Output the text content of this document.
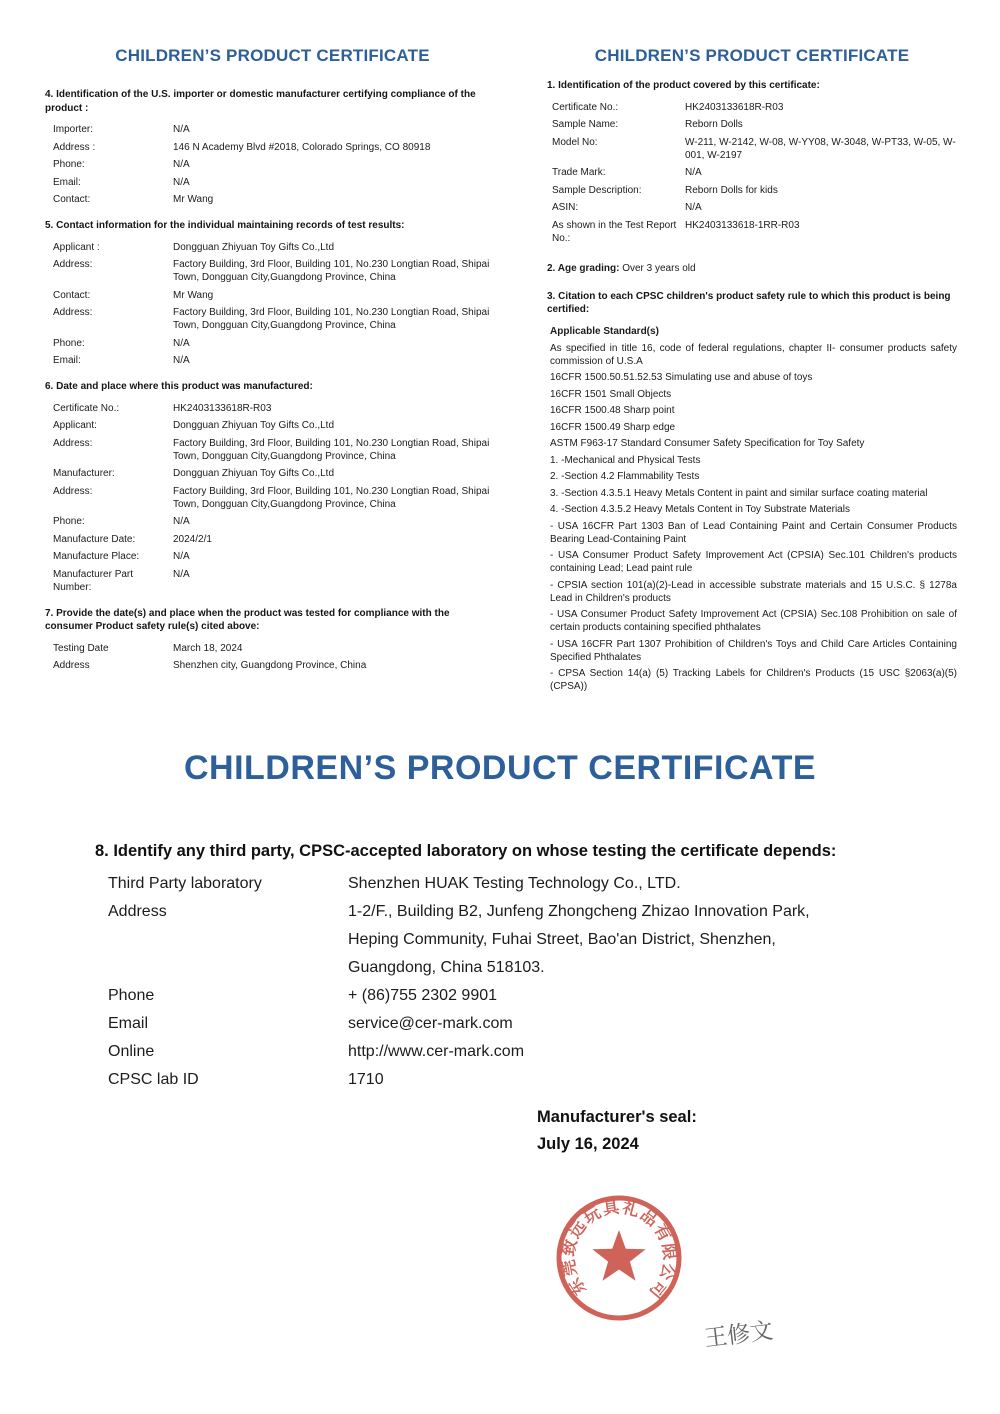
CHILDREN’S PRODUCT CERTIFICATE
4. Identification of the U.S. importer or domestic manufacturer certifying compliance of the product :
Importer:	N/A
Address :	146 N Academy Blvd #2018, Colorado Springs, CO 80918
Phone:	N/A
Email:	N/A
Contact:	Mr Wang
5. Contact information for the individual maintaining records of test results:
Applicant :	Dongguan Zhiyuan Toy Gifts Co.,Ltd
Address:	Factory Building, 3rd Floor, Building 101, No.230 Longtian Road, Shipai Town, Dongguan City,Guangdong Province, China
Contact:	Mr Wang
Address:	Factory Building, 3rd Floor, Building 101, No.230 Longtian Road, Shipai Town, Dongguan City,Guangdong Province, China
Phone:	N/A
Email:	N/A
6. Date and place where this product was manufactured:
Certificate No.:	HK2403133618R-R03
Applicant:	Dongguan Zhiyuan Toy Gifts Co.,Ltd
Address:	Factory Building, 3rd Floor, Building 101, No.230 Longtian Road, Shipai Town, Dongguan City,Guangdong Province, China
Manufacturer:	Dongguan Zhiyuan Toy Gifts Co.,Ltd
Address:	Factory Building, 3rd Floor, Building 101, No.230 Longtian Road, Shipai Town, Dongguan City,Guangdong Province, China
Phone:	N/A
Manufacture Date:	2024/2/1
Manufacture Place:	N/A
Manufacturer Part Number:
N/A
7. Provide the date(s) and place when the product was tested for compliance with the consumer Product safety rule(s) cited above:
Testing Date	March 18, 2024
Address	Shenzhen city, Guangdong Province, China
CHILDREN’S PRODUCT CERTIFICATE
1. Identification of the product covered by this certificate:
Certificate No.:	HK2403133618R-R03
Sample Name:	Reborn Dolls
Model No:	W-211, W-2142, W-08, W-YY08, W-3048, W-PT33, W-05, W-001, W-2197
Trade Mark:	N/A
Sample Description:	Reborn Dolls for kids
ASIN:	N/A
As shown in the Test Report No.:
HK2403133618-1RR-R03
2. Age grading: Over 3 years old
3. Citation to each CPSC children's product safety rule to which this product is being certified:
Applicable Standard(s)

As specified in title 16, code of federal regulations, chapter II- consumer products safety commission of U.S.A

16CFR 1500.50.51.52.53 Simulating use and abuse of toys

16CFR 1501 Small Objects

16CFR 1500.48 Sharp point

16CFR 1500.49 Sharp edge

ASTM F963-17 Standard Consumer Safety Specification for Toy Safety

1. -Mechanical and Physical Tests

2. -Section 4.2 Flammability Tests

3. -Section 4.3.5.1 Heavy Metals Content in paint and similar surface coating material

4. -Section 4.3.5.2 Heavy Metals Content in Toy Substrate Materials

- USA 16CFR Part 1303 Ban of Lead Containing Paint and Certain Consumer Products Bearing Lead-Containing Paint

- USA Consumer Product Safety Improvement Act (CPSIA) Sec.101 Children's products containing Lead; Lead paint rule

- CPSIA section 101(a)(2)-Lead in accessible substrate materials and 15 U.S.C. § 1278a Lead in Children's products

- USA Consumer Product Safety Improvement Act (CPSIA) Sec.108 Prohibition on sale of certain products containing specified phthalates

- USA 16CFR Part 1307 Prohibition of Children's Toys and Child Care Articles Containing Specified Phthalates

- CPSA Section 14(a) (5) Tracking Labels for Children's Products (15 USC §2063(a)(5) (CPSA))

CHILDREN’S PRODUCT CERTIFICATE
8. Identify any third party, CPSC-accepted laboratory on whose testing the certificate depends:
Third Party laboratory	Shenzhen HUAK Testing Technology Co., LTD.
Address	1-2/F., Building B2, Junfeng Zhongcheng Zhizao Innovation Park, Heping Community, Fuhai Street, Bao'an District, Shenzhen, Guangdong, China 518103.
Phone	+ (86)755 2302 9901
Email	service@cer-mark.com
Online	http://www.cer-mark.com
CPSC lab ID	1710
Manufacturer's seal:
July 16, 2024
东莞致远玩具礼品有限公司
王修文
